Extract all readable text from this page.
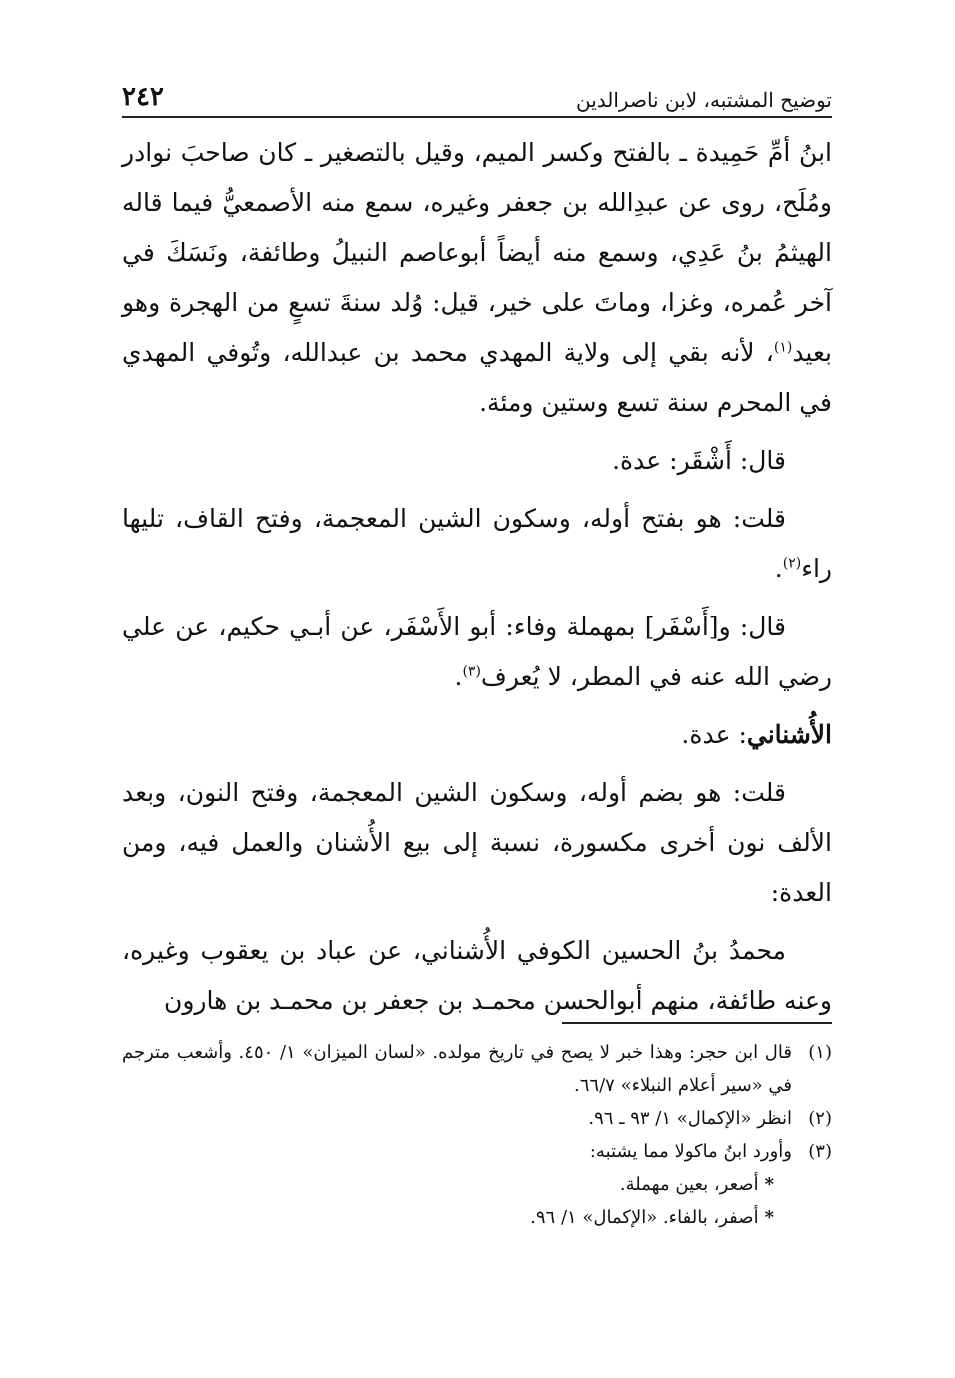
توضيح المشتبه، لابن ناصرالدين
٢٤٢

ابنُ أمِّ حَمِيدة ـ بالفتح وكسر الميم، وقيل بالتصغير ـ كان صاحبَ نوادر ومُلَح، روى عن عبدِالله بن جعفر وغيره، سمع منه الأصمعيُّ فيما قاله الهيثمُ بنُ عَدِي، وسمع منه أيضاً أبوعاصم النبيلُ وطائفة، ونَسَكَ في آخر عُمره، وغزا، وماتَ على خير، قيل: وُلد سنةَ تسعٍ من الهجرة وهو بعيد$^{(١)}$، لأنه بقي إلى ولاية المهدي محمد بن عبدالله، وتُوفي المهدي في المحرم سنة تسع وستين ومئة.

قال: أَشْقَر: عدة.

قلت: هو بفتح أوله، وسكون الشين المعجمة، وفتح القاف، تليها راء$^{(٢)}$.

قال: و[أَسْفَر] بمهملة وفاء: أبو الأَسْفَر، عن أبـي حكيم، عن علي رضي الله عنه في المطر، لا يُعرف$^{(٣)}$.

الأُشناني: عدة.

قلت: هو بضم أوله، وسكون الشين المعجمة، وفتح النون، وبعد الألف نون أخرى مكسورة، نسبة إلى بيع الأُشنان والعمل فيه، ومن العدة:

محمدُ بنُ الحسين الكوفي الأُشناني، عن عباد بن يعقوب وغيره، وعنه طائفة، منهم أبوالحسن محمـد بن جعفر بن محمـد بن هارون

(١)
قال ابن حجر: وهذا خبر لا يصح في تاريخ مولده. «لسان الميزان» ١/ ٤٥٠. وأشعب مترجم في «سير أعلام النبلاء» ٦٦/٧.
(٢)
انظر «الإكمال» ١/ ٩٣ ـ ٩٦.
(٣)
وأورد ابنُ ماكولا مما يشتبه:
*أصعر، بعين مهملة.
*أصفر، بالفاء. «الإكمال» ١/ ٩٦.
